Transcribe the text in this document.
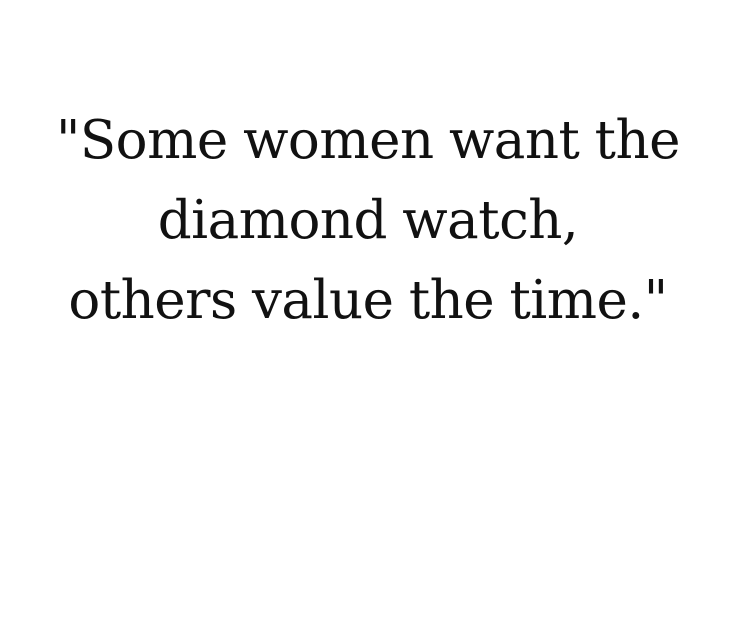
"Some women want the
diamond watch,
others value the time."
